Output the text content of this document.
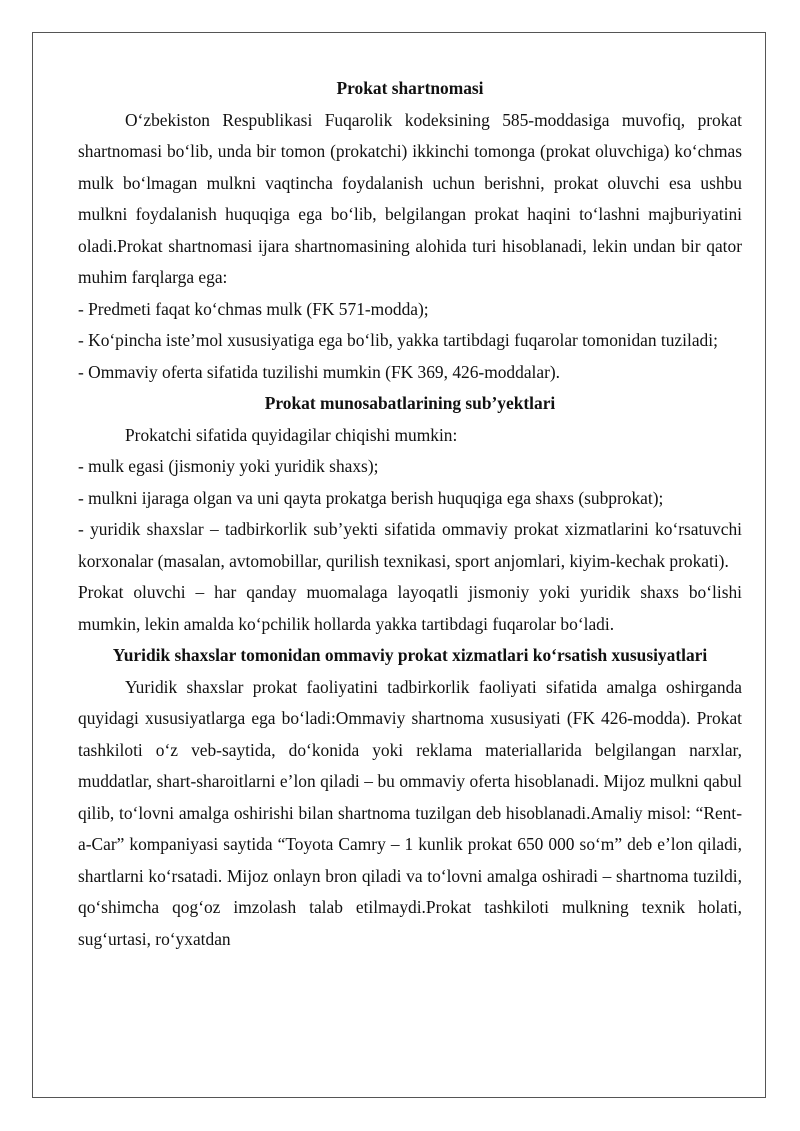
Prokat shartnomasi

O‘zbekiston Respublikasi Fuqarolik kodeksining 585-moddasiga muvofiq, prokat shartnomasi bo‘lib, unda bir tomon (prokatchi) ikkinchi tomonga (prokat oluvchiga) ko‘chmas mulk bo‘lmagan mulkni vaqtincha foydalanish uchun berishni, prokat oluvchi esa ushbu mulkni foydalanish huquqiga ega bo‘lib, belgilangan prokat haqini to‘lashni majburiyatini oladi.Prokat shartnomasi ijara shartnomasining alohida turi hisoblanadi, lekin undan bir qator muhim farqlarga ega:

- Predmeti faqat ko‘chmas mulk (FK 571-modda);

- Ko‘pincha iste’mol xususiyatiga ega bo‘lib, yakka tartibdagi fuqarolar tomonidan tuziladi;

- Ommaviy oferta sifatida tuzilishi mumkin (FK 369, 426-moddalar).

Prokat munosabatlarining sub’yektlari

Prokatchi sifatida quyidagilar chiqishi mumkin:

- mulk egasi (jismoniy yoki yuridik shaxs);

- mulkni ijaraga olgan va uni qayta prokatga berish huquqiga ega shaxs (subprokat);

- yuridik shaxslar – tadbirkorlik sub’yekti sifatida ommaviy prokat xizmatlarini ko‘rsatuvchi korxonalar (masalan, avtomobillar, qurilish texnikasi, sport anjomlari, kiyim-kechak prokati).

Prokat oluvchi – har qanday muomalaga layoqatli jismoniy yoki yuridik shaxs bo‘lishi mumkin, lekin amalda ko‘pchilik hollarda yakka tartibdagi fuqarolar bo‘ladi.

Yuridik shaxslar tomonidan ommaviy prokat xizmatlari ko‘rsatish xususiyatlari

Yuridik shaxslar prokat faoliyatini tadbirkorlik faoliyati sifatida amalga oshirganda quyidagi xususiyatlarga ega bo‘ladi:Ommaviy shartnoma xususiyati (FK 426-modda). Prokat tashkiloti o‘z veb-saytida, do‘konida yoki reklama materiallarida belgilangan narxlar, muddatlar, shart-sharoitlarni e’lon qiladi – bu ommaviy oferta hisoblanadi. Mijoz mulkni qabul qilib, to‘lovni amalga oshirishi bilan shartnoma tuzilgan deb hisoblanadi.Amaliy misol: “Rent-a-Car” kompaniyasi saytida “Toyota Camry – 1 kunlik prokat 650 000 so‘m” deb e’lon qiladi, shartlarni ko‘rsatadi. Mijoz onlayn bron qiladi va to‘lovni amalga oshiradi – shartnoma tuzildi, qo‘shimcha qog‘oz imzolash talab etilmaydi.Prokat tashkiloti mulkning texnik holati, sug‘urtasi, ro‘yxatdan
